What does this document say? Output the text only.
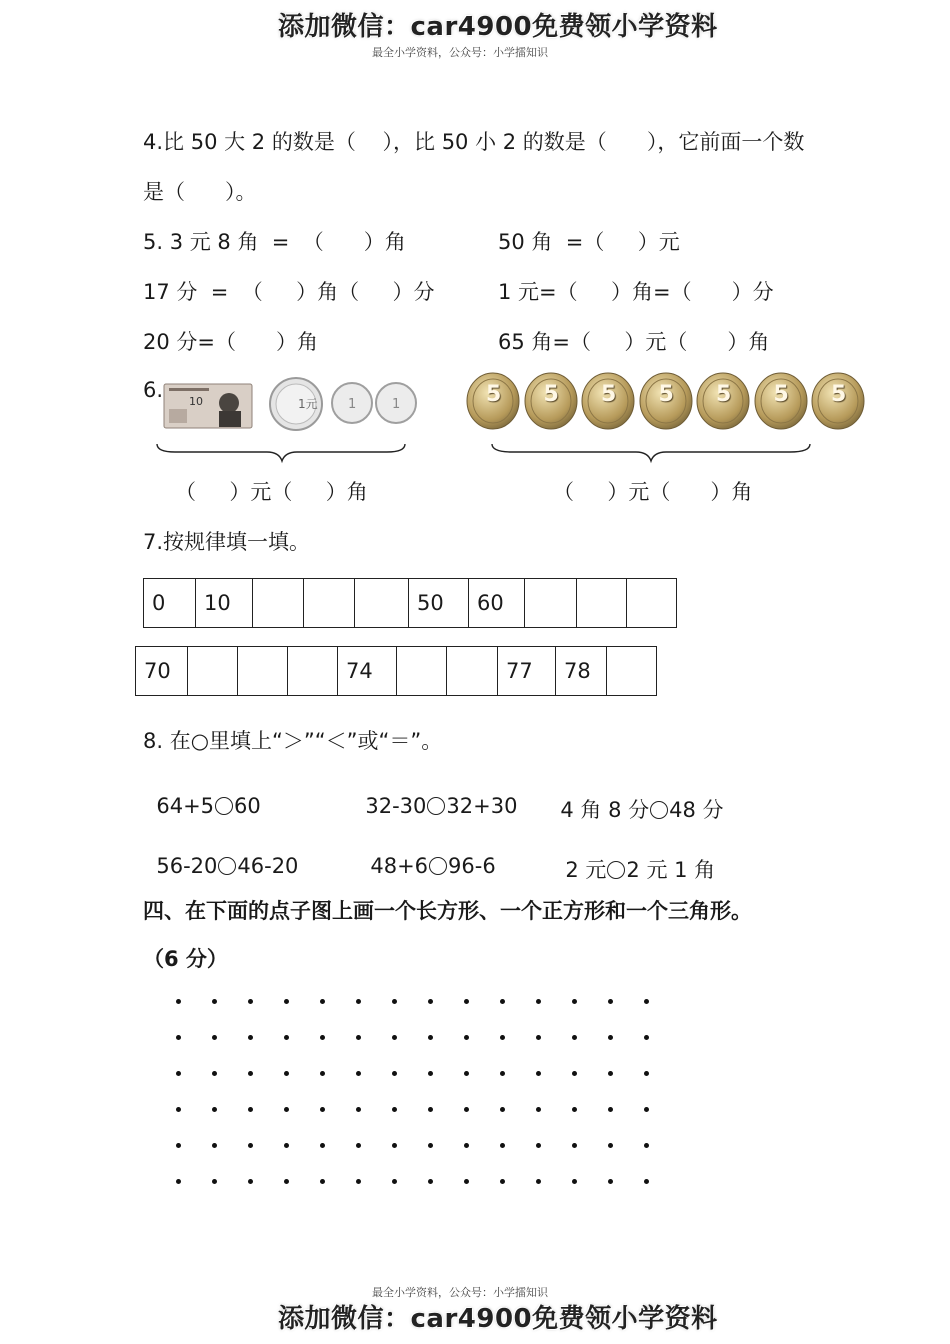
添加微信：car4900免费领小学资料
最全小学资料，公众号：小学擂知识
4.比 50 大 2 的数是（    ），比 50 小 2 的数是（      ），它前面一个数
是（      ）。
5. 3 元 8 角  =  （      ）角	50 角  =（     ）元
17 分  =  （     ）角（     ）分	1 元=（     ）角=（      ）分
20 分=（      ）角	65 角=（     ）元（      ）角
6. 10	1元 1	1	5 5 5 5 5 5 5
（     ）元（     ）角	（     ）元（      ）角
7.按规律填一填。
0	10				50	60			
70				74			77	78	
8. 在○里填上“＞”“＜”或“＝”。

64+5 60	32-30 32+30	4 角 8 分 48 分

56-20 46-20	48+6 96-6	2 元 2 元 1 角

四、在下面的点子图上画一个长方形、一个正方形和一个三角形。
（6 分）
最全小学资料，公众号：小学擂知识
添加微信：car4900免费领小学资料
